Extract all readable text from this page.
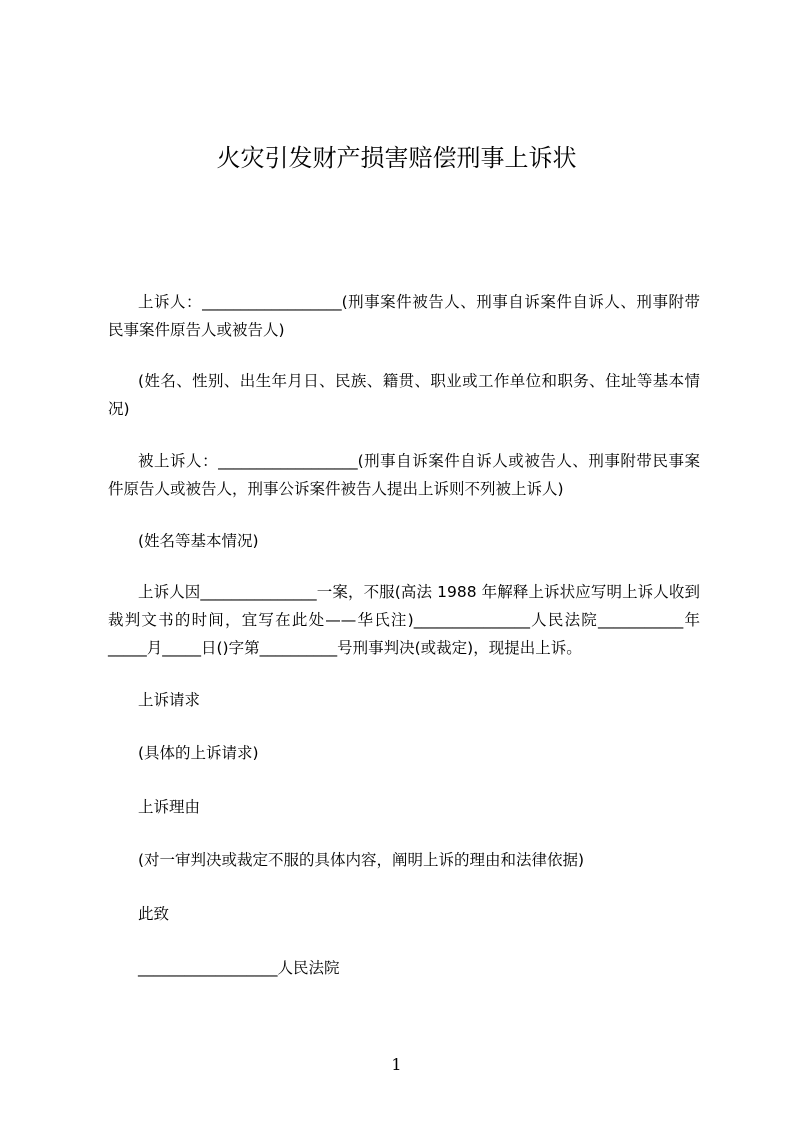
火灾引发财产损害赔偿刑事上诉状

上诉人：__________________(刑事案件被告人、刑事自诉案件自诉人、刑事附带民事案件原告人或被告人)

(姓名、性别、出生年月日、民族、籍贯、职业或工作单位和职务、住址等基本情况)

被上诉人：__________________(刑事自诉案件自诉人或被告人、刑事附带民事案件原告人或被告人，刑事公诉案件被告人提出上诉则不列被上诉人)

(姓名等基本情况)

上诉人因_______________一案，不服(高法 1988 年解释上诉状应写明上诉人收到裁判文书的时间，宜写在此处——华氏注)_______________人民法院___________年_____月_____日()字第__________号刑事判决(或裁定)，现提出上诉。

上诉请求

(具体的上诉请求)

上诉理由

(对一审判决或裁定不服的具体内容，阐明上诉的理由和法律依据)

此致

__________________人民法院

1
